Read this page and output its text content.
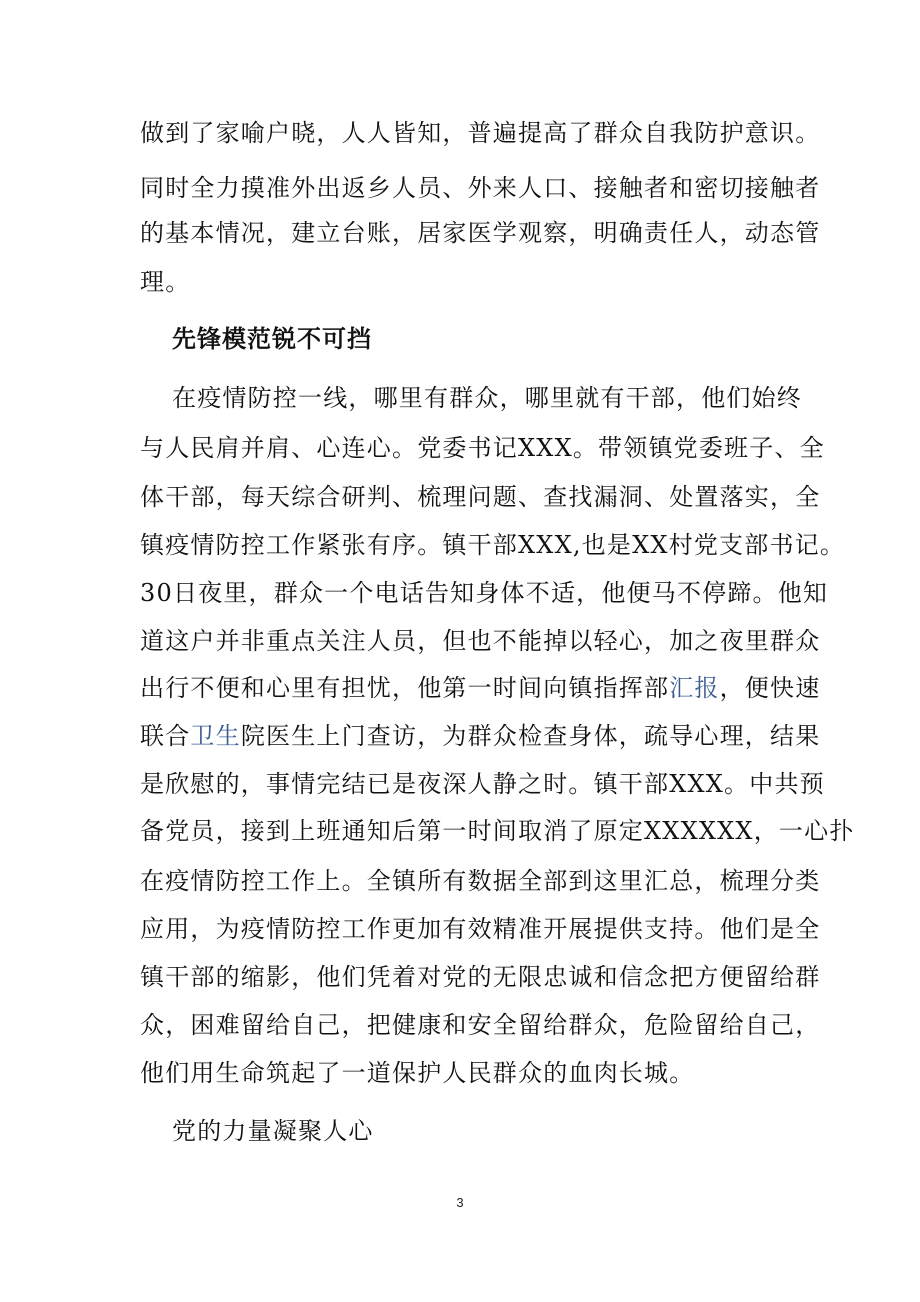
做到了家喻户晓，人人皆知，普遍提高了群众自我防护意识。
同时全力摸准外出返乡人员、外来人口、接触者和密切接触者
的基本情况，建立台账，居家医学观察，明确责任人，动态管
理。
先锋模范锐不可挡
在疫情防控一线，哪里有群众，哪里就有干部，他们始终
与人民肩并肩、心连心。党委书记XXX。带领镇党委班子、全
体干部，每天综合研判、梳理问题、查找漏洞、处置落实，全
镇疫情防控工作紧张有序。镇干部XXX,也是XX村党支部书记。
30日夜里，群众一个电话告知身体不适，他便马不停蹄。他知
道这户并非重点关注人员，但也不能掉以轻心，加之夜里群众
出行不便和心里有担忧，他第一时间向镇指挥部汇报，便快速
联合卫生院医生上门查访，为群众检查身体，疏导心理，结果
是欣慰的，事情完结已是夜深人静之时。镇干部XXX。中共预
备党员，接到上班通知后第一时间取消了原定XXXXXX，一心扑
在疫情防控工作上。全镇所有数据全部到这里汇总，梳理分类
应用，为疫情防控工作更加有效精准开展提供支持。他们是全
镇干部的缩影，他们凭着对党的无限忠诚和信念把方便留给群
众，困难留给自己，把健康和安全留给群众，危险留给自己，
他们用生命筑起了一道保护人民群众的血肉长城。
党的力量凝聚人心
3
